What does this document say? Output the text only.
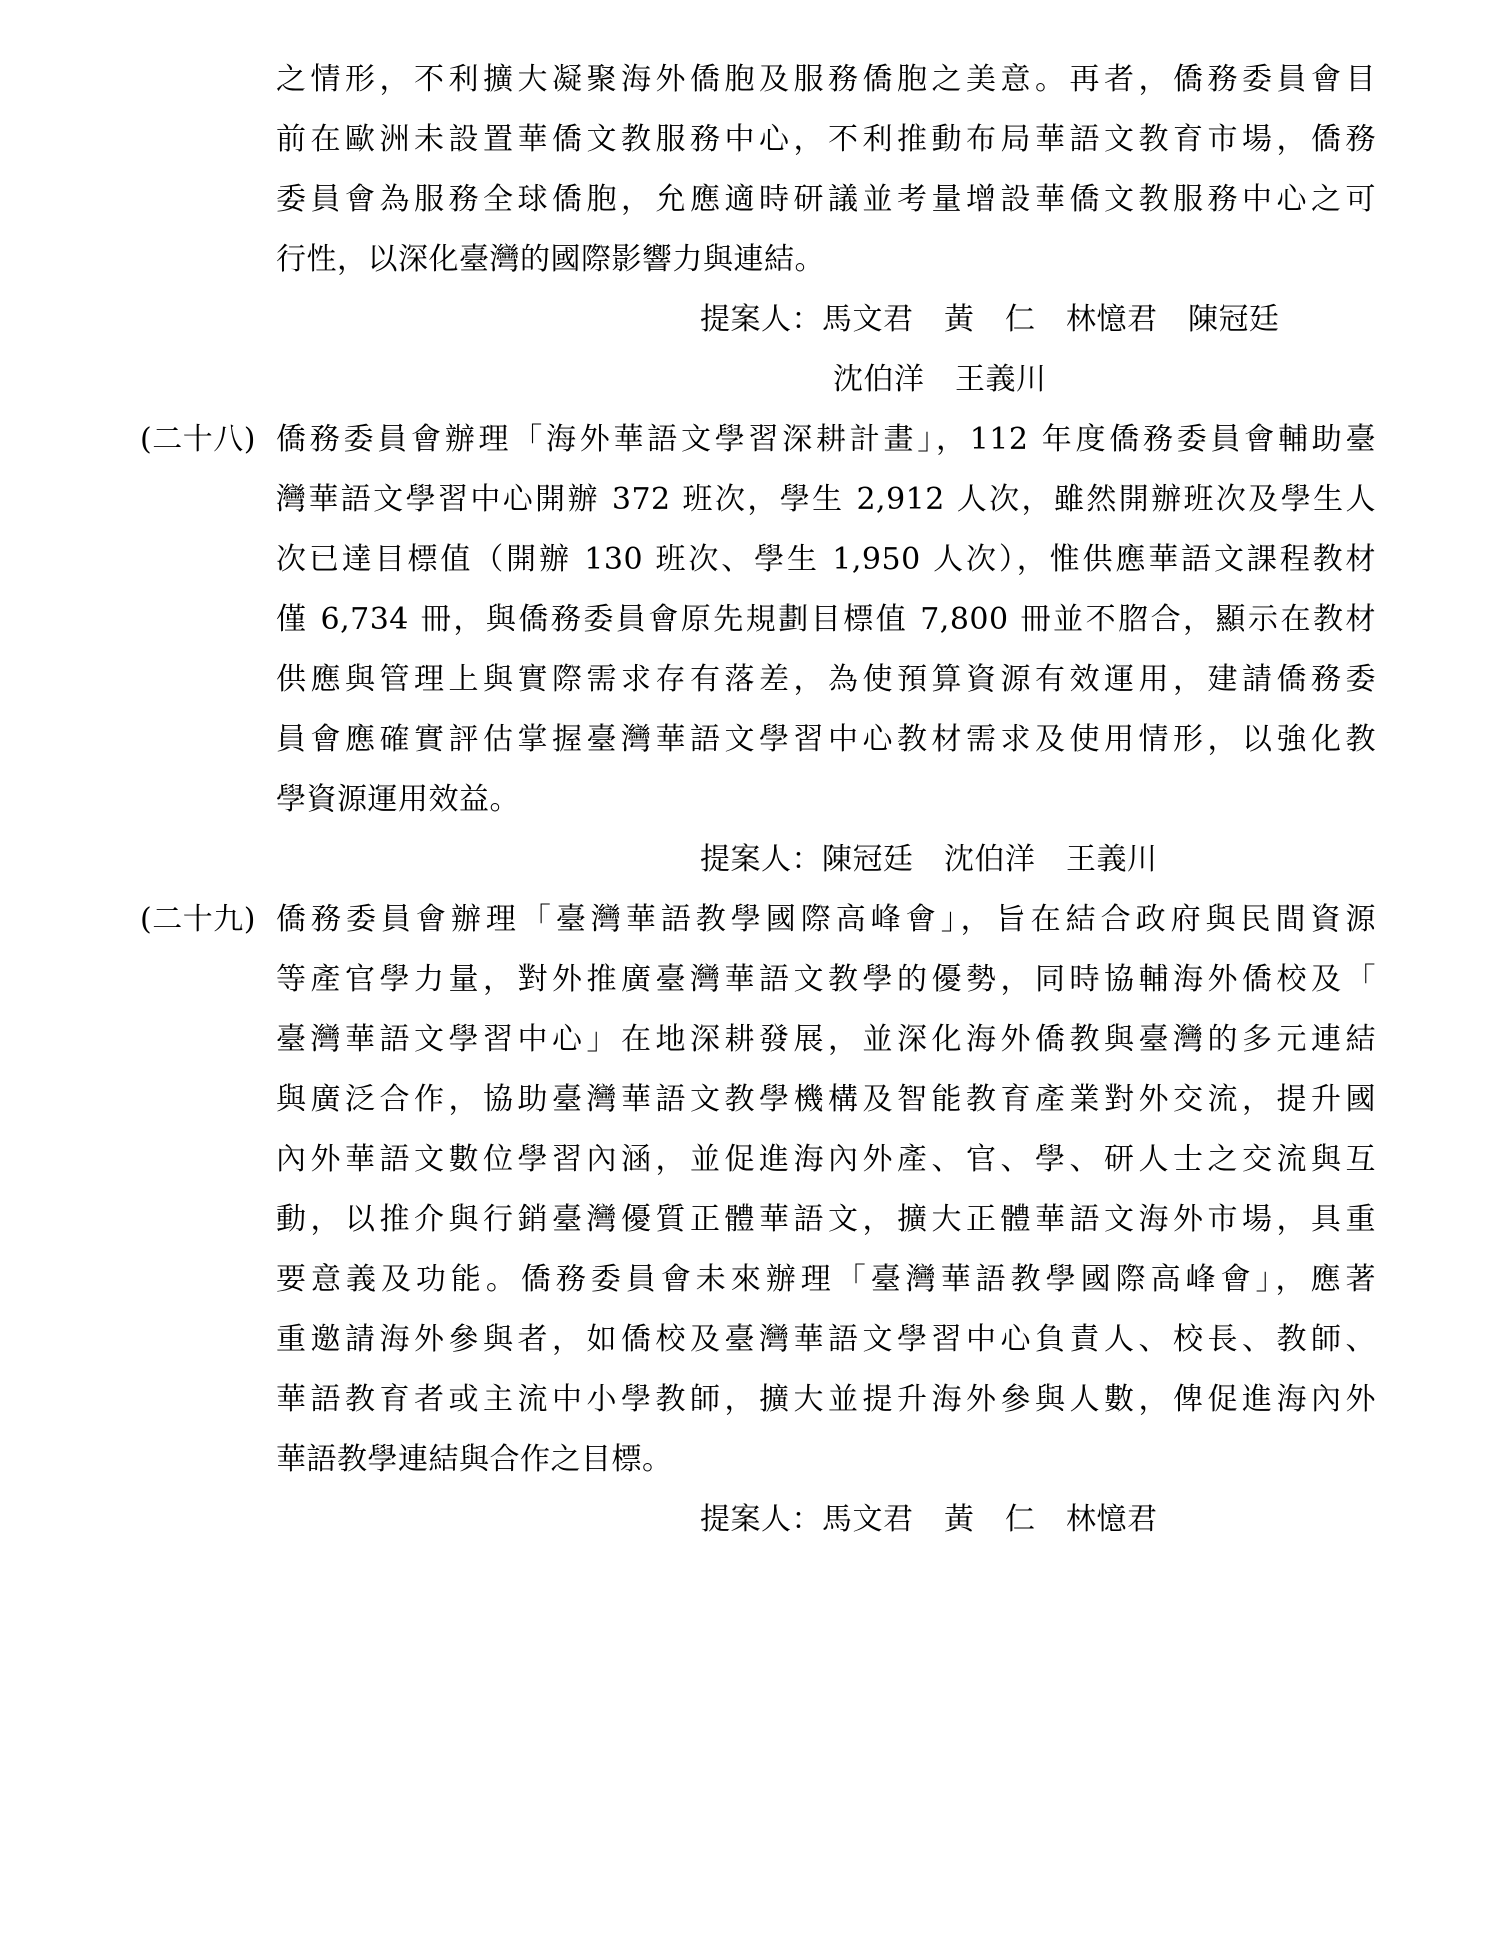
之情形，不利擴大凝聚海外僑胞及服務僑胞之美意。再者，僑務委員會目
前在歐洲未設置華僑文教服務中心，不利推動布局華語文教育市場，僑務
委員會為服務全球僑胞，允應適時研議並考量增設華僑文教服務中心之可
行性，以深化臺灣的國際影響力與連結。
提案人：馬文君　黃　仁　林憶君　陳冠廷
沈伯洋　王義川
(二十八) 僑務委員會辦理「海外華語文學習深耕計畫」，112 年度僑務委員會輔助臺
灣華語文學習中心開辦 372 班次，學生 2,912 人次，雖然開辦班次及學生人
次已達目標值（開辦 130 班次、學生 1,950 人次），惟供應華語文課程教材
僅 6,734 冊，與僑務委員會原先規劃目標值 7,800 冊並不脗合，顯示在教材
供應與管理上與實際需求存有落差，為使預算資源有效運用，建請僑務委
員會應確實評估掌握臺灣華語文學習中心教材需求及使用情形，以強化教
學資源運用效益。
提案人：陳冠廷　沈伯洋　王義川
(二十九) 僑務委員會辦理「臺灣華語教學國際高峰會」，旨在結合政府與民間資源
等產官學力量，對外推廣臺灣華語文教學的優勢，同時協輔海外僑校及「
臺灣華語文學習中心」在地深耕發展，並深化海外僑教與臺灣的多元連結
與廣泛合作，協助臺灣華語文教學機構及智能教育產業對外交流，提升國
內外華語文數位學習內涵，並促進海內外產、官、學、研人士之交流與互
動，以推介與行銷臺灣優質正體華語文，擴大正體華語文海外市場，具重
要意義及功能。僑務委員會未來辦理「臺灣華語教學國際高峰會」，應著
重邀請海外參與者，如僑校及臺灣華語文學習中心負責人、校長、教師、
華語教育者或主流中小學教師，擴大並提升海外參與人數，俾促進海內外
華語教學連結與合作之目標。
提案人：馬文君　黃　仁　林憶君
